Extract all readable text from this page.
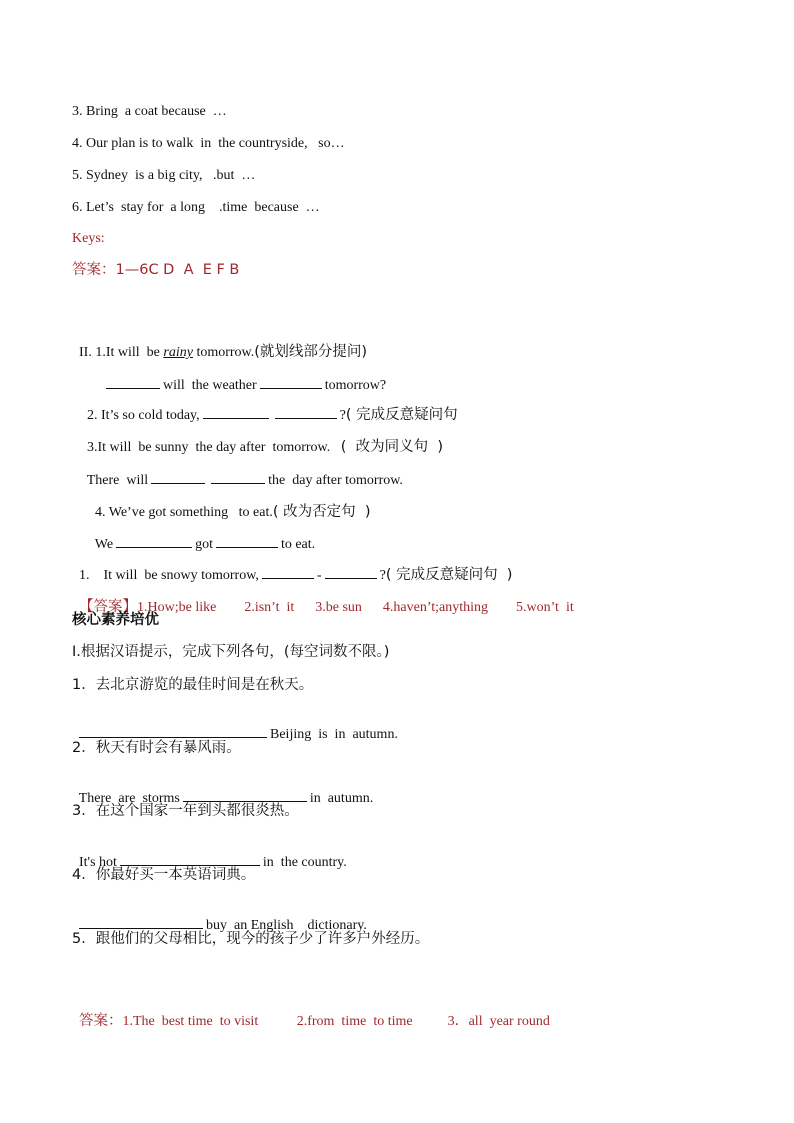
3. Bring  a coat because  …
4. Our plan is to walk  in  the countryside,   so…
5. Sydney  is a big city,   .but  …
6. Let’s  stay for  a long    .time  because  …
Keys:
答案：1—6C D  A  E F B

II. 1.It will  be rainy tomorrow.(就划线部分提问)

will  the weather	tomorrow?

2. It’s so cold today,	?( 完成反意疑问句

3.It will  be sunny  the day after  tomorrow. (  改为同义句  )

There  will	the  day after tomorrow.

4. We’ve got something   to eat.( 改为否定句  )

We	got	to eat.

1. It will  be snowy tomorrow,	-	?( 完成反意疑问句  )

【答案】1.How;be like 2.isn’t  it 3.be sun 4.haven’t;anything 5.won’t  it

核心素养培优
I.根据汉语提示，完成下列各句，(每空词数不限。)
1．去北京游览的最佳时间是在秋天。

Beijing  is  in  autumn.

2．秋天有时会有暴风雨。

There  are  storms	in  autumn.

3．在这个国家一年到头都很炎热。

It's hot	in  the country.

4．你最好买一本英语词典。

buy  an English    dictionary.

5．跟他们的父母相比，现今的孩子少了许多户外经历。

答案：1.The  best time  to visit	2.from  time  to time	3．all  year round
